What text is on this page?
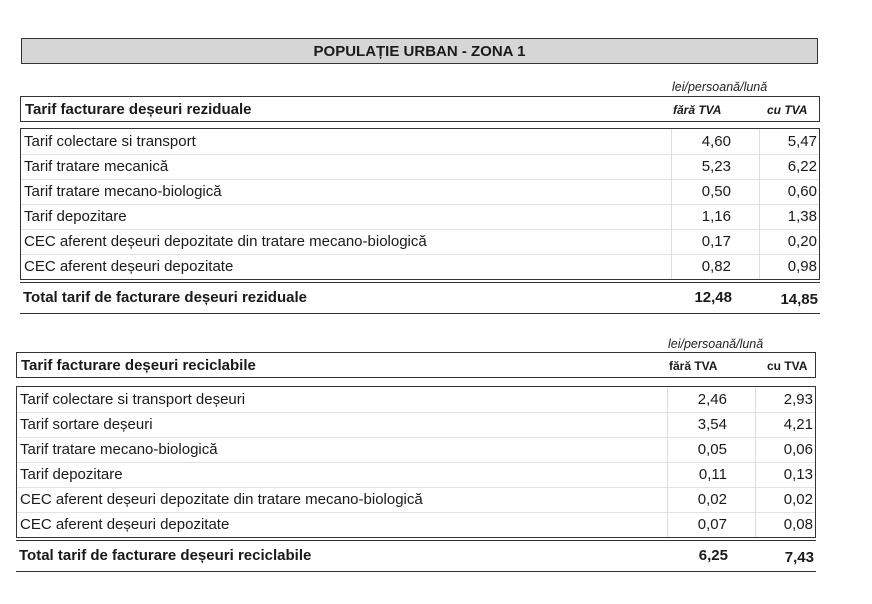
POPULAȚIE URBAN - ZONA 1
lei/persoană/lună
Tarif facturare deșeuri reziduale	fără TVA	cu TVA
Tarif colectare si transport	4,60	5,47
Tarif tratare mecanică	5,23	6,22
Tarif tratare mecano-biologică	0,50	0,60
Tarif depozitare	1,16	1,38
CEC aferent deșeuri depozitate din tratare mecano-biologică	0,17	0,20
CEC aferent deșeuri depozitate	0,82	0,98
Total tarif de facturare deșeuri reziduale	12,48	14,85
lei/persoană/lună
Tarif facturare deșeuri reciclabile	fără TVA	cu TVA
Tarif colectare si transport deșeuri	2,46	2,93
Tarif sortare deșeuri	3,54	4,21
Tarif tratare mecano-biologică	0,05	0,06
Tarif depozitare	0,11	0,13
CEC aferent deșeuri depozitate din tratare mecano-biologică	0,02	0,02
CEC aferent deșeuri depozitate	0,07	0,08
Total tarif de facturare deșeuri reciclabile	6,25	7,43
